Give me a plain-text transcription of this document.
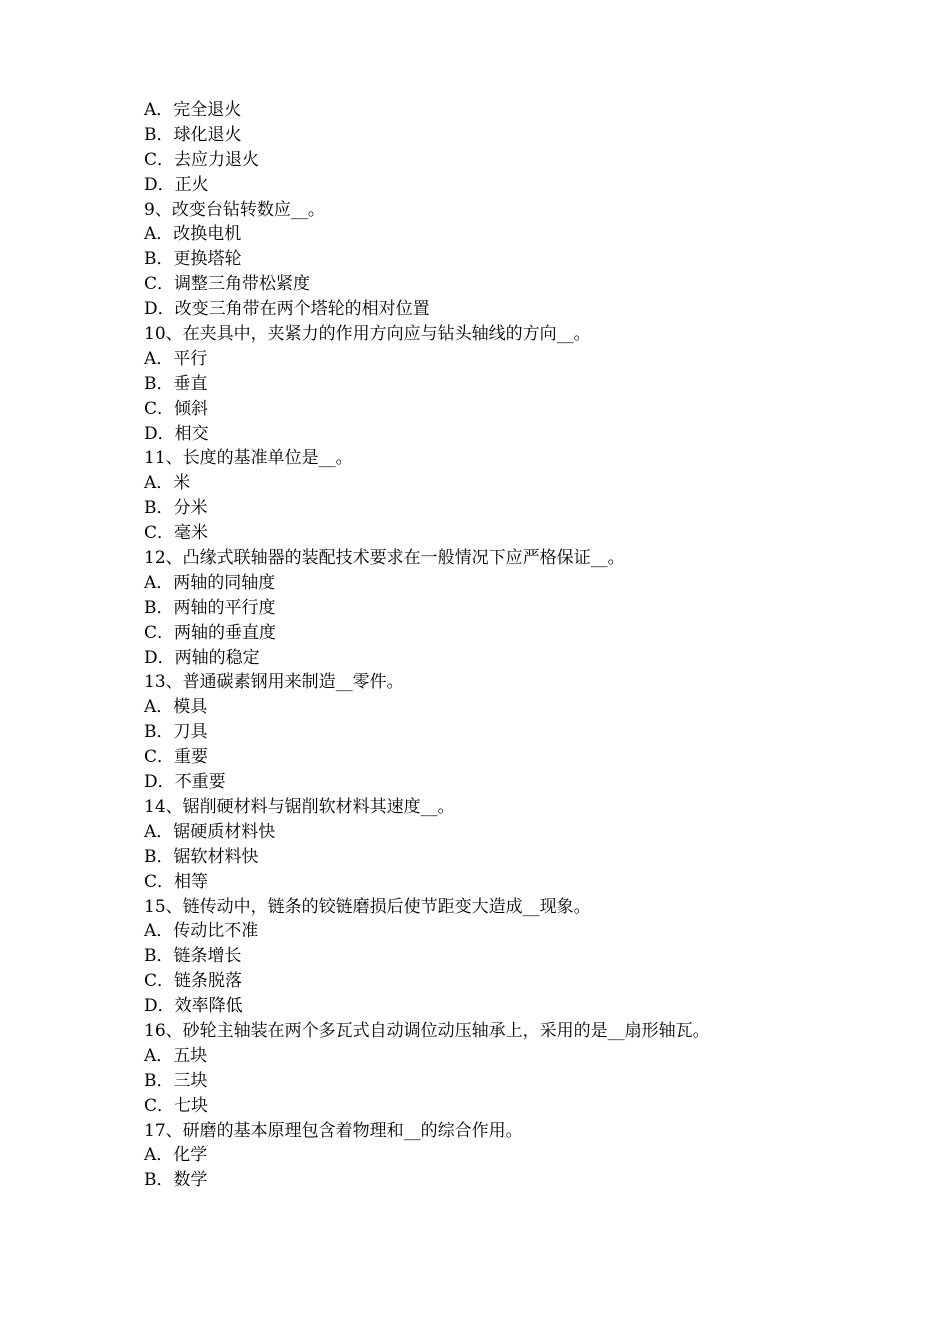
A．完全退火
B．球化退火
C．去应力退火
D．正火
9、改变台钻转数应__。
A．改换电机
B．更换塔轮
C．调整三角带松紧度
D．改变三角带在两个塔轮的相对位置
10、在夹具中，夹紧力的作用方向应与钻头轴线的方向__。
A．平行
B．垂直
C．倾斜
D．相交
11、长度的基准单位是__。
A．米
B．分米
C．毫米
12、凸缘式联轴器的装配技术要求在一般情况下应严格保证__。
A．两轴的同轴度
B．两轴的平行度
C．两轴的垂直度
D．两轴的稳定
13、普通碳素钢用来制造__零件。
A．模具
B．刀具
C．重要
D．不重要
14、锯削硬材料与锯削软材料其速度__。
A．锯硬质材料快
B．锯软材料快
C．相等
15、链传动中，链条的铰链磨损后使节距变大造成__现象。
A．传动比不准
B．链条增长
C．链条脱落
D．效率降低
16、砂轮主轴装在两个多瓦式自动调位动压轴承上，采用的是__扇形轴瓦。
A．五块
B．三块
C．七块
17、研磨的基本原理包含着物理和__的综合作用。
A．化学
B．数学
